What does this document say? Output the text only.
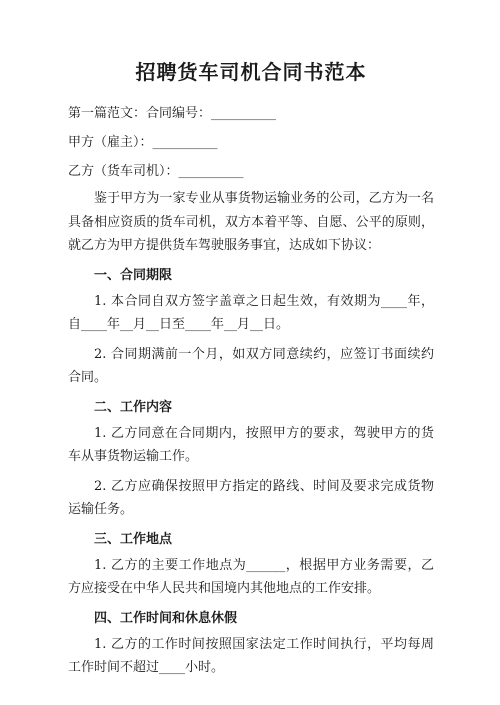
招聘货车司机合同书范本

第一篇范文：合同编号：__________

甲方（雇主）：__________

乙方（货车司机）：__________

鉴于甲方为一家专业从事货物运输业务的公司，乙方为一名具备相应资质的货车司机，双方本着平等、自愿、公平的原则，就乙方为甲方提供货车驾驶服务事宜，达成如下协议：

一、合同期限

1. 本合同自双方签字盖章之日起生效，有效期为____年，自____年__月__日至____年__月__日。

2. 合同期满前一个月，如双方同意续约，应签订书面续约合同。

二、工作内容

1. 乙方同意在合同期内，按照甲方的要求，驾驶甲方的货车从事货物运输工作。

2. 乙方应确保按照甲方指定的路线、时间及要求完成货物运输任务。

三、工作地点

1. 乙方的主要工作地点为______，根据甲方业务需要，乙方应接受在中华人民共和国境内其他地点的工作安排。

四、工作时间和休息休假

1. 乙方的工作时间按照国家法定工作时间执行，平均每周工作时间不超过____小时。
